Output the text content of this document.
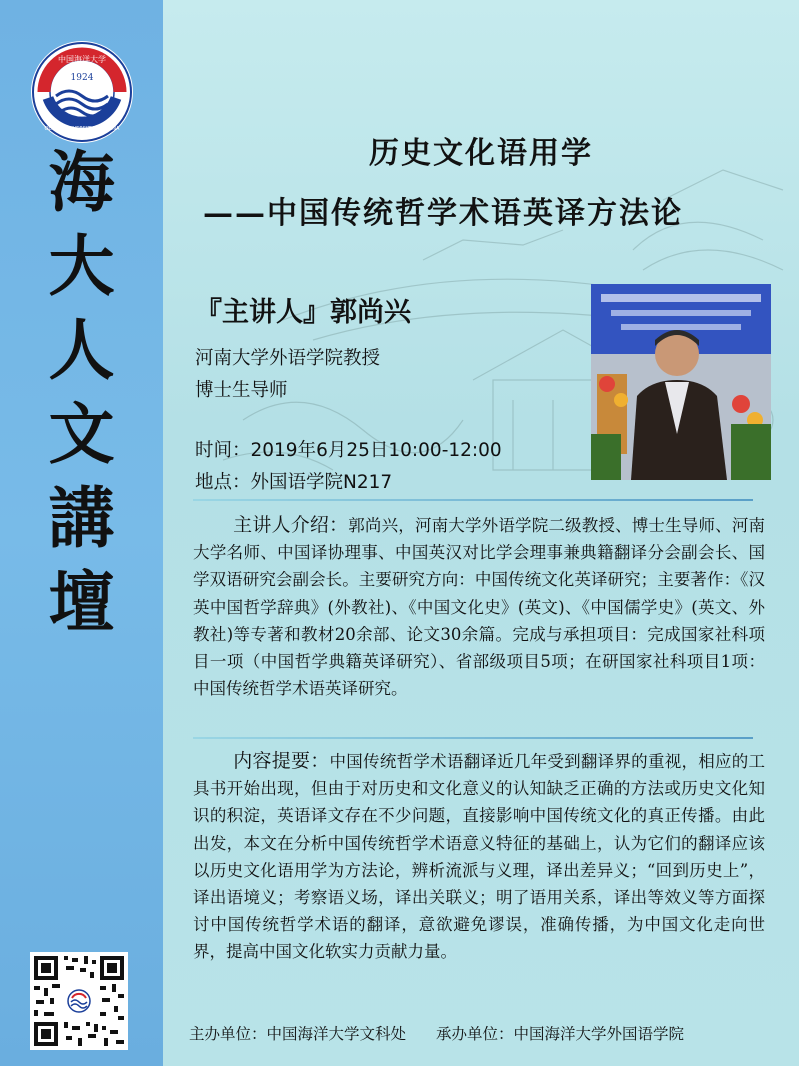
中国海洋大学
OCEAN UNIVERSITY OF CHINA
1924
海
大
人
文
講
壇
历史文化语用学
——中国传统哲学术语英译方法论
『主讲人』郭尚兴
河南大学外语学院教授
博士生导师
时间：2019年6月25日10:00-12:00
地点：外国语学院N217
主讲人介绍：郭尚兴，河南大学外语学院二级教授、博士生导师、河南大学名师、中国译协理事、中国英汉对比学会理事兼典籍翻译分会副会长、国学双语研究会副会长。主要研究方向：中国传统文化英译研究；主要著作：《汉英中国哲学辞典》(外教社)、《中国文化史》(英文)、《中国儒学史》(英文、外教社)等专著和教材20余部、论文30余篇。完成与承担项目：完成国家社科项目一项（中国哲学典籍英译研究）、省部级项目5项；在研国家社科项目1项：中国传统哲学术语英译研究。
内容提要：中国传统哲学术语翻译近几年受到翻译界的重视，相应的工具书开始出现，但由于对历史和文化意义的认知缺乏正确的方法或历史文化知识的积淀，英语译文存在不少问题，直接影响中国传统文化的真正传播。由此出发，本文在分析中国传统哲学术语意义特征的基础上，认为它们的翻译应该以历史文化语用学为方法论，辨析流派与义理，译出差异义；“回到历史上”，译出语境义；考察语义场，译出关联义；明了语用关系，译出等效义等方面探讨中国传统哲学术语的翻译，意欲避免谬误，准确传播，为中国文化走向世界，提高中国文化软实力贡献力量。
主办单位：中国海洋大学文科处 承办单位：中国海洋大学外国语学院
